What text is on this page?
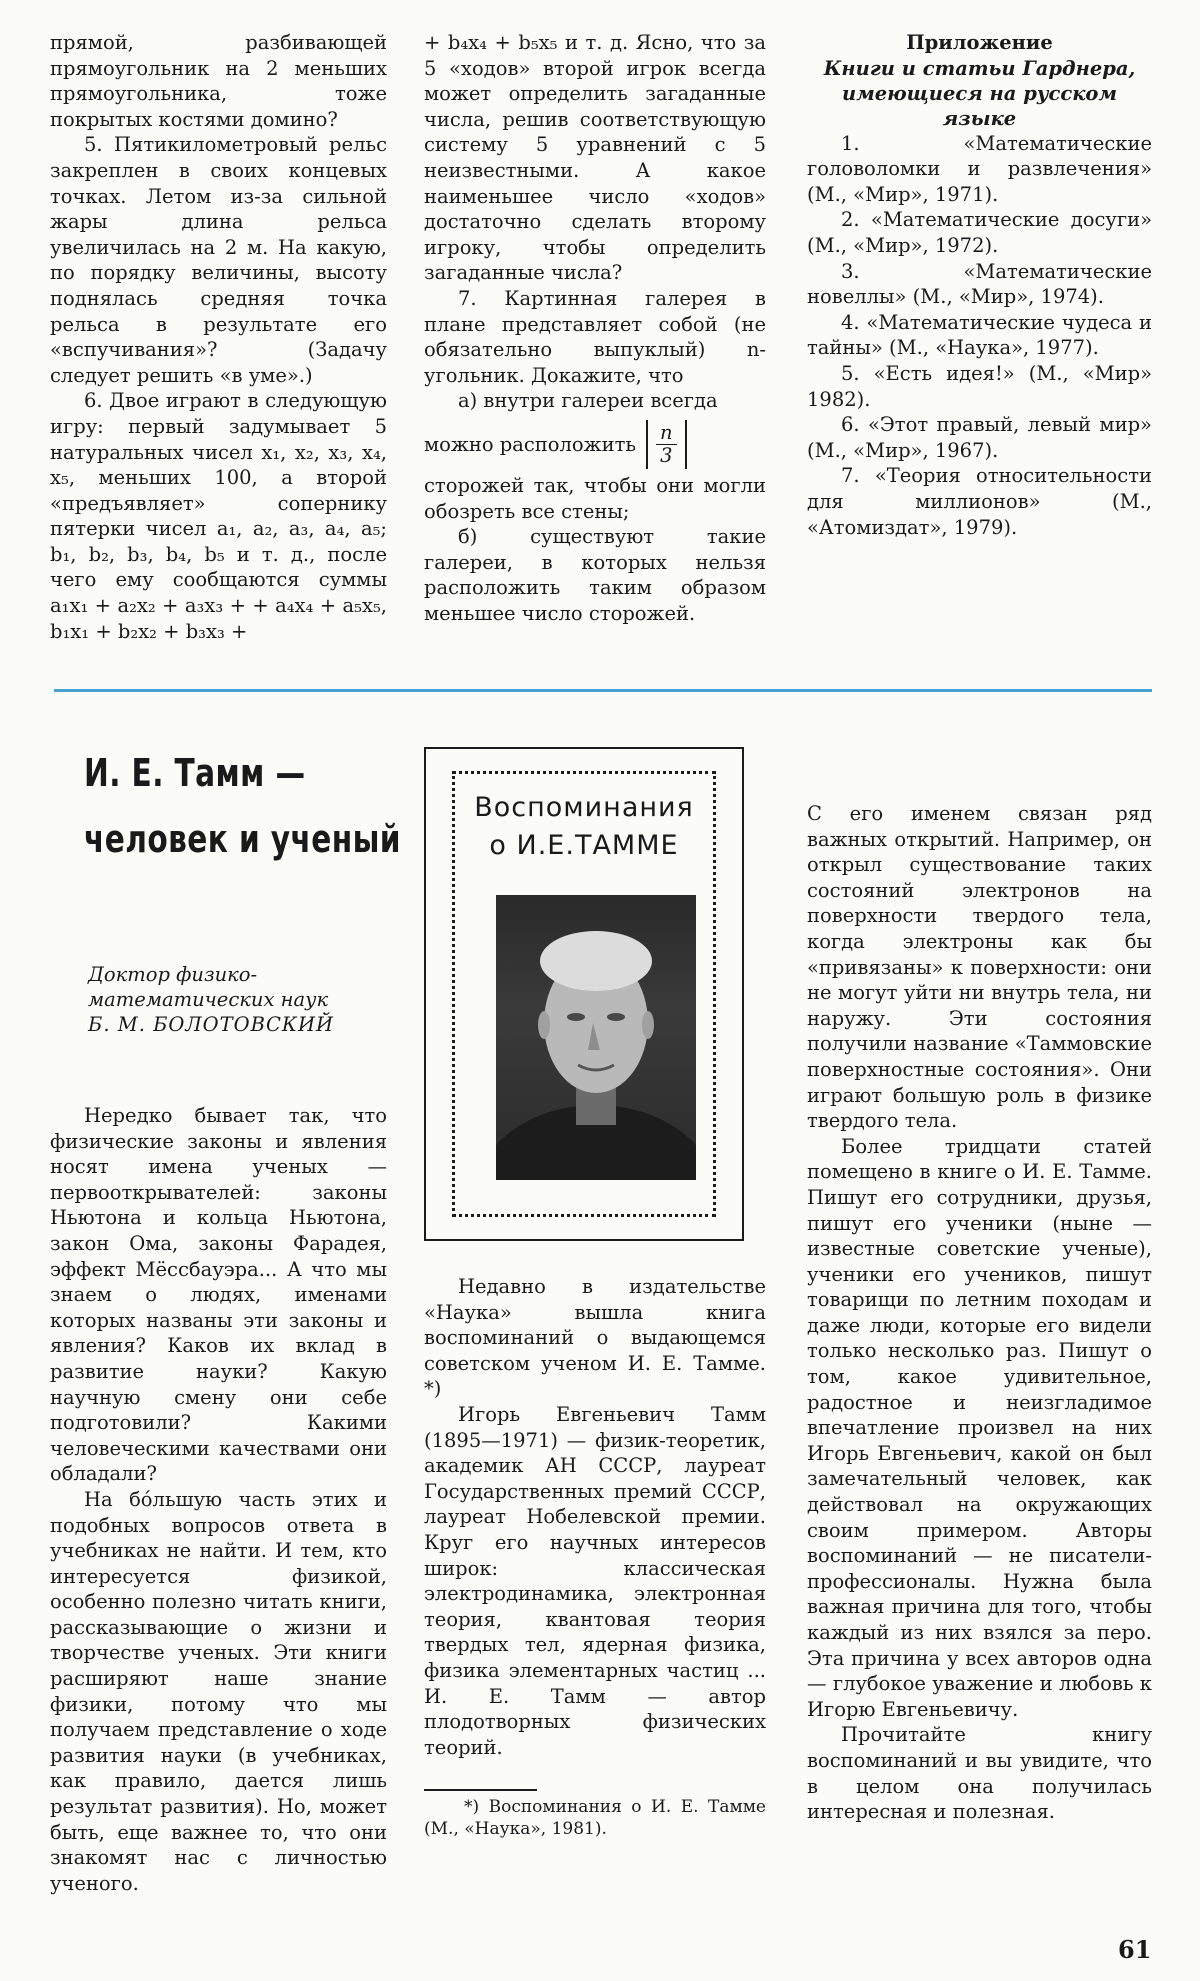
прямой, разбивающей прямоугольник на 2 меньших прямоугольника, тоже покрытых костями домино?

5. Пятикилометровый рельс закреплен в своих концевых точках. Летом из-за сильной жары длина рельса увеличилась на 2 м. На какую, по порядку величины, высоту поднялась средняя точка рельса в результате его «вспучивания»? (Задачу следует решить «в уме».)

6. Двое играют в следующую игру: первый задумывает 5 натуральных чисел x₁, x₂, x₃, x₄, x₅, меньших 100, а второй «предъявляет» сопернику пятерки чисел a₁, a₂, a₃, a₄, a₅; b₁, b₂, b₃, b₄, b₅ и т. д., после чего ему сообщаются суммы a₁x₁ + a₂x₂ + a₃x₃ + + a₄x₄ + a₅x₅, b₁x₁ + b₂x₂ + b₃x₃ +

+ b₄x₄ + b₅x₅ и т. д. Ясно, что за 5 «ходов» второй игрок всегда может определить загаданные числа, решив соответствующую систему 5 уравнений с 5 неизвестными. А какое наименьшее число «ходов» достаточно сделать второму игроку, чтобы определить загаданные числа?

7. Картинная галерея в плане представляет собой (не обязательно выпуклый) n-угольник. Докажите, что

а) внутри галереи всегда

можно расположить $\frac{n}{3}$

сторожей так, чтобы они могли обозреть все стены;

б) существуют такие галереи, в которых нельзя расположить таким образом меньшее число сторожей.

Приложение

Книги и статьи Гарднера, имеющиеся на русском языке

1. «Математические головоломки и развлечения» (М., «Мир», 1971).

2. «Математические досуги» (М., «Мир», 1972).

3. «Математические новеллы» (М., «Мир», 1974).

4. «Математические чудеса и тайны» (М., «Наука», 1977).

5. «Есть идея!» (М., «Мир» 1982).

6. «Этот правый, левый мир» (М., «Мир», 1967).

7. «Теория относительности для миллионов» (М., «Атомиздат», 1979).

И. Е. Тамм —
человек и ученый
Доктор физико-математических наук
Б. М. БОЛОТОВСКИЙ

Нередко бывает так, что физические законы и явления носят имена ученых — первооткрывателей: законы Ньютона и кольца Ньютона, закон Ома, законы Фарадея, эффект Мёссбауэра... А что мы знаем о людях, именами которых названы эти законы и явления? Каков их вклад в развитие науки? Какую научную смену они себе подготовили? Какими человеческими качествами они обладали?

На бóльшую часть этих и подобных вопросов ответа в учебниках не найти. И тем, кто интересуется физикой, особенно полезно читать книги, рассказывающие о жизни и творчестве ученых. Эти книги расширяют наше знание физики, потому что мы получаем представление о ходе развития науки (в учебниках, как правило, дается лишь результат развития). Но, может быть, еще важнее то, что они знакомят нас с личностью ученого.

Воспоминания
о И.Е.ТАММЕ

Недавно в издательстве «Наука» вышла книга воспоминаний о выдающемся советском ученом И. Е. Тамме. *)

Игорь Евгеньевич Тамм (1895—1971) — физик-теоретик, академик АН СССР, лауреат Государственных премий СССР, лауреат Нобелевской премии. Круг его научных интересов широк: классическая электродинамика, электронная теория, квантовая теория твердых тел, ядерная физика, физика элементарных частиц ... И. Е. Тамм — автор плодотворных физических теорий.

*) Воспоминания о И. Е. Тамме (М., «Наука», 1981).

С его именем связан ряд важных открытий. Например, он открыл существование таких состояний электронов на поверхности твердого тела, когда электроны как бы «привязаны» к поверхности: они не могут уйти ни внутрь тела, ни наружу. Эти состояния получили название «Таммовские поверхностные состояния». Они играют большую роль в физике твердого тела.

Более тридцати статей помещено в книге о И. Е. Тамме. Пишут его сотрудники, друзья, пишут его ученики (ныне — известные советские ученые), ученики его учеников, пишут товарищи по летним походам и даже люди, которые его видели только несколько раз. Пишут о том, какое удивительное, радостное и неизгладимое впечатление произвел на них Игорь Евгеньевич, какой он был замечательный человек, как действовал на окружающих своим примером. Авторы воспоминаний — не писатели-профессионалы. Нужна была важная причина для того, чтобы каждый из них взялся за перо. Эта причина у всех авторов одна — глубокое уважение и любовь к Игорю Евгеньевичу.

Прочитайте книгу воспоминаний и вы увидите, что в целом она получилась интересная и полезная.

61
